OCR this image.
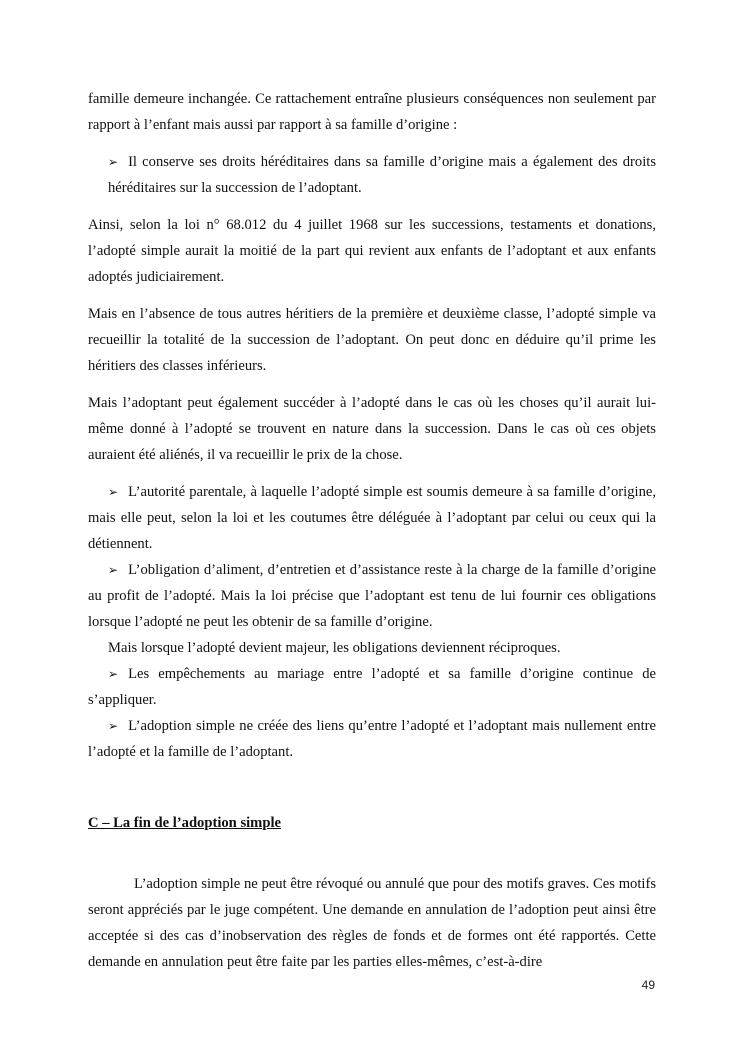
famille demeure inchangée. Ce rattachement entraîne plusieurs conséquences non seulement par rapport à l’enfant mais aussi par rapport à sa famille d’origine :

➢ Il conserve ses droits héréditaires dans sa famille d’origine mais a également des droits héréditaires sur la succession de l’adoptant.

Ainsi, selon la loi n° 68.012 du 4 juillet 1968 sur les successions, testaments et donations, l’adopté simple aurait la moitié de la part qui revient aux enfants de l’adoptant et aux enfants adoptés judiciairement.

Mais en l’absence de tous autres héritiers de la première et deuxième classe, l’adopté simple va recueillir la totalité de la succession de l’adoptant. On peut donc en déduire qu’il prime les héritiers des classes inférieurs.

Mais l’adoptant peut également succéder à l’adopté dans le cas où les choses qu’il aurait lui-même donné à l’adopté se trouvent en nature dans la succession. Dans le cas où ces objets auraient été aliénés, il va recueillir le prix de la chose.

➢ L’autorité parentale, à laquelle l’adopté simple est soumis demeure à sa famille d’origine, mais elle peut, selon la loi et les coutumes être déléguée à l’adoptant par celui ou ceux qui la détiennent.

➢ L’obligation d’aliment, d’entretien et d’assistance reste à la charge de la famille d’origine au profit de l’adopté. Mais la loi précise que l’adoptant est tenu de lui fournir ces obligations lorsque l’adopté ne peut les obtenir de sa famille d’origine.

Mais lorsque l’adopté devient majeur, les obligations deviennent réciproques.

➢ Les empêchements au mariage entre l’adopté et sa famille d’origine continue de s’appliquer.

➢ L’adoption simple ne créée des liens qu’entre l’adopté et l’adoptant mais nullement entre l’adopté et la famille de l’adoptant.

C – La fin de l’adoption simple

L’adoption simple ne peut être révoqué ou annulé que pour des motifs graves. Ces motifs seront appréciés par le juge compétent. Une demande en annulation de l’adoption peut ainsi être acceptée si des cas d’inobservation des règles de fonds et de formes ont été rapportés. Cette demande en annulation peut être faite par les parties elles-mêmes, c’est-à-dire

49
